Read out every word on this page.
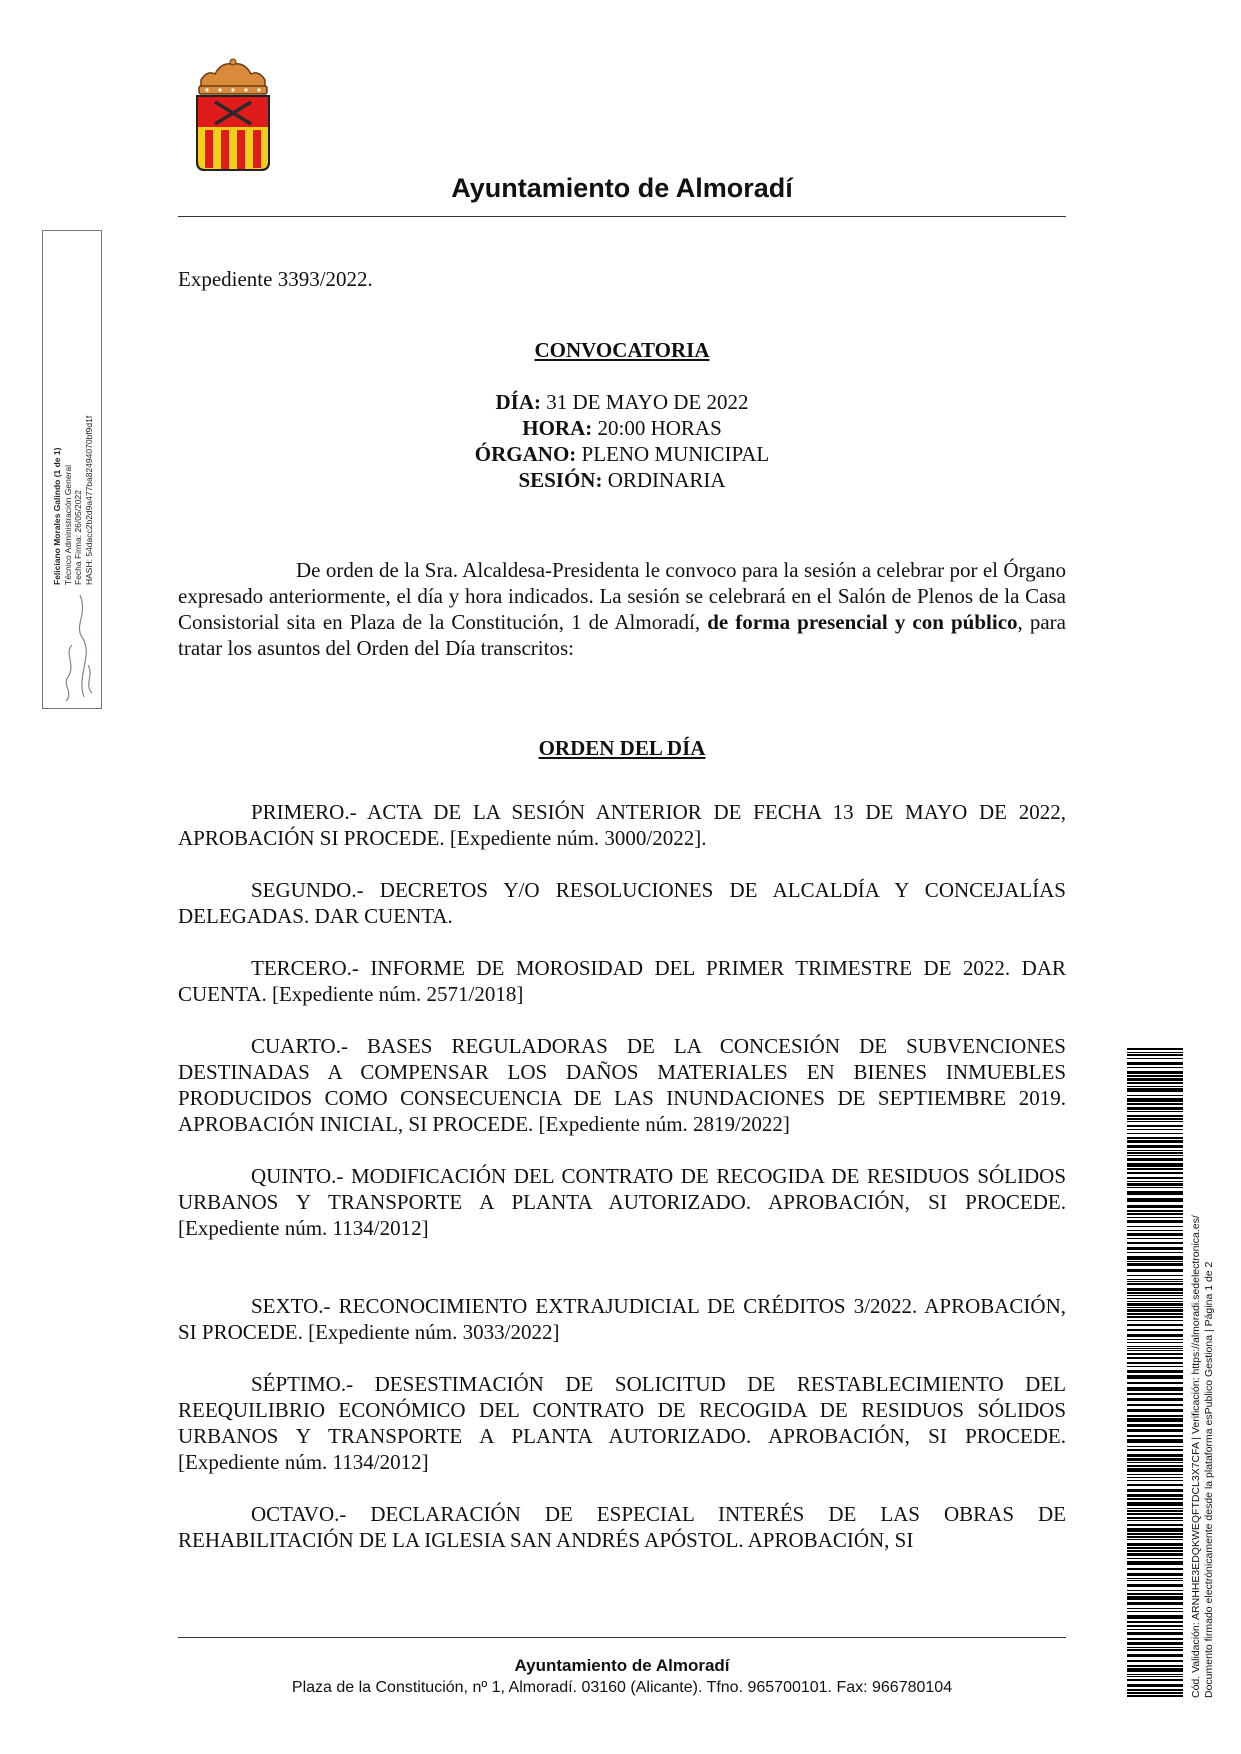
Ayuntamiento de Almoradí
Feliciano Morales Galindo (1 de 1) Técnico Administración General Fecha Firma: 26/05/2022 HASH: 54dacc2b2d9a477ba82494070bf9d1f
Expediente 3393/2022.
CONVOCATORIA
DÍA: 31 DE MAYO DE 2022
HORA: 20:00 HORAS
ÓRGANO: PLENO MUNICIPAL
SESIÓN: ORDINARIA
De orden de la Sra. Alcaldesa-Presidenta le convoco para la sesión a celebrar por el Órgano expresado anteriormente, el día y hora indicados. La sesión se celebrará en el Salón de Plenos de la Casa Consistorial sita en Plaza de la Constitución, 1 de Almoradí, de forma presencial y con público, para tratar los asuntos del Orden del Día transcritos:
ORDEN DEL DÍA

PRIMERO.- ACTA DE LA SESIÓN ANTERIOR DE FECHA 13 DE MAYO DE 2022, APROBACIÓN SI PROCEDE. [Expediente núm. 3000/2022].

SEGUNDO.- DECRETOS Y/O RESOLUCIONES DE ALCALDÍA Y CONCEJALÍAS DELEGADAS. DAR CUENTA.

TERCERO.- INFORME DE MOROSIDAD DEL PRIMER TRIMESTRE DE 2022. DAR CUENTA. [Expediente núm. 2571/2018]

CUARTO.- BASES REGULADORAS DE LA CONCESIÓN DE SUBVENCIONES DESTINADAS A COMPENSAR LOS DAÑOS MATERIALES EN BIENES INMUEBLES PRODUCIDOS COMO CONSECUENCIA DE LAS INUNDACIONES DE SEPTIEMBRE 2019. APROBACIÓN INICIAL, SI PROCEDE. [Expediente núm. 2819/2022]

QUINTO.- MODIFICACIÓN DEL CONTRATO DE RECOGIDA DE RESIDUOS SÓLIDOS URBANOS Y TRANSPORTE A PLANTA AUTORIZADO. APROBACIÓN, SI PROCEDE. [Expediente núm. 1134/2012]

SEXTO.- RECONOCIMIENTO EXTRAJUDICIAL DE CRÉDITOS 3/2022. APROBACIÓN, SI PROCEDE. [Expediente núm. 3033/2022]

SÉPTIMO.- DESESTIMACIÓN DE SOLICITUD DE RESTABLECIMIENTO DEL REEQUILIBRIO ECONÓMICO DEL CONTRATO DE RECOGIDA DE RESIDUOS SÓLIDOS URBANOS Y TRANSPORTE A PLANTA AUTORIZADO. APROBACIÓN, SI PROCEDE. [Expediente núm. 1134/2012]

OCTAVO.- DECLARACIÓN DE ESPECIAL INTERÉS DE LAS OBRAS DE REHABILITACIÓN DE LA IGLESIA SAN ANDRÉS APÓSTOL. APROBACIÓN, SI

Ayuntamiento de Almoradí
Plaza de la Constitución, nº 1, Almoradí. 03160 (Alicante). Tfno. 965700101. Fax: 966780104	Cód. Validación: ARNHHE3EDQKWEQFTDCL3X7CFA | Verificación: https://almoradi.sedelectronica.es/ Documento firmado electrónicamente desde la plataforma esPublico Gestiona | Página 1 de 2
